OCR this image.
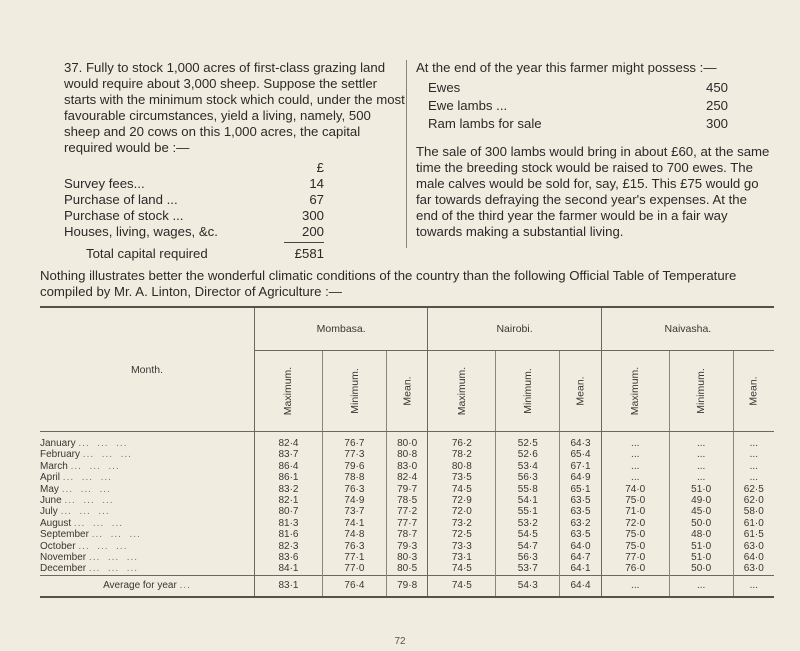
37. Fully to stock 1,000 acres of first-class grazing land would require about 3,000 sheep. Suppose the settler starts with the minimum stock which could, under the most favourable circumstances, yield a living, namely, 500 sheep and 20 cows on this 1,000 acres, the capital required would be :—

£
Survey fees...	14
Purchase of land ...	67
Purchase of stock ...	300
Houses, living, wages, &c.	200
Total capital required	£581

At the end of the year this farmer might possess :—

Ewes	450
Ewe lambs ...	250
Ram lambs for sale	300

The sale of 300 lambs would bring in about £60, at the same time the breeding stock would be raised to 700 ewes. The male calves would be sold for, say, £15. This £75 would go far towards defraying the second year's expenses. At the end of the third year the farmer would be in a fair way towards making a substantial living.

Nothing illustrates better the wonderful climatic conditions of the country than the following Official Table of Temperature compiled by Mr. A. Linton, Director of Agriculture :—

Month.	Mombasa.			Nairobi.			Naivasha.		
	Maximum.	Minimum.	Mean.	Maximum.	Minimum.	Mean.	Maximum.	Minimum.	Mean.

January ...  ...  ...	82·4	76·7	80·0	76·2	52·5	64·3	...	...	...
February ...  ...  ...	83·7	77·3	80·8	78·2	52·6	65·4	...	...	...
March ...  ...  ...	86·4	79·6	83·0	80·8	53·4	67·1	...	...	...
April ...  ...  ...	86·1	78·8	82·4	73·5	56·3	64·9	...	...	...
May ...  ...  ...	83·2	76·3	79·7	74·5	55·8	65·1	74·0	51·0	62·5
June ...  ...  ...	82·1	74·9	78·5	72·9	54·1	63·5	75·0	49·0	62·0
July ...  ...  ...	80·7	73·7	77·2	72·0	55·1	63·5	71·0	45·0	58·0
August ...  ...  ...	81·3	74·1	77·7	73·2	53·2	63·2	72·0	50·0	61·0
September ...  ...  ...	81·6	74·8	78·7	72·5	54·5	63·5	75·0	48·0	61·5
October ...  ...  ...	82·3	76·3	79·3	73·3	54·7	64·0	75·0	51·0	63·0
November ...  ...  ...	83·6	77·1	80·3	73·1	56·3	64·7	77·0	51·0	64·0
December ...  ...  ...	84·1	77·0	80·5	74·5	53·7	64·1	76·0	50·0	63·0
Average for year ...	83·1	76·4	79·8	74·5	54·3	64·4	...	...	...
72
